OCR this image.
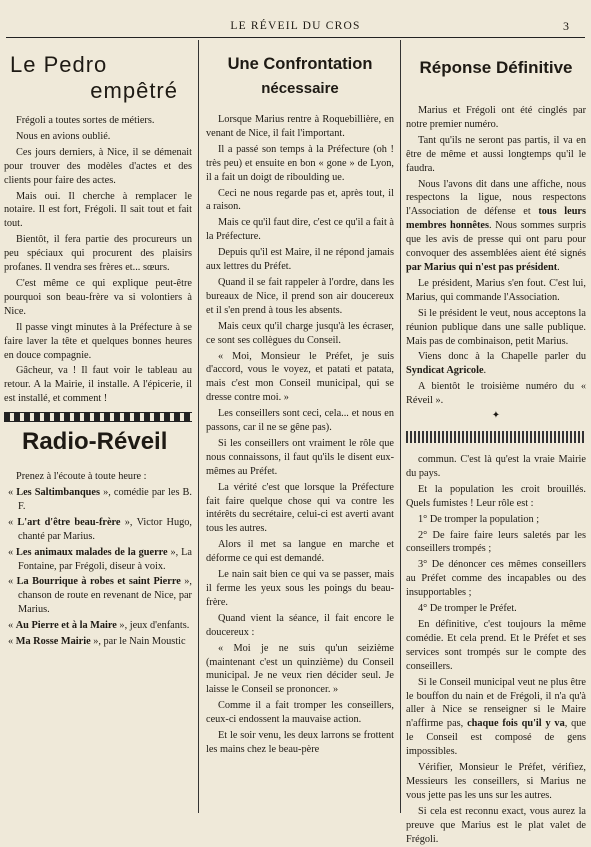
LE RÉVEIL DU CROS	3
Le Pedro
empêtré

Frégoli a toutes sortes de métiers.

Nous en avions oublié.

Ces jours derniers, à Nice, il se démenait pour trouver des modèles d'actes et des clients pour faire des actes.

Mais oui. Il cherche à remplacer le notaire. Il est fort, Frégoli. Il sait tout et fait tout.

Bientôt, il fera partie des procureurs un peu spéciaux qui procurent des plaisirs profanes. Il vendra ses frères et... sœurs.

C'est même ce qui explique peut-être pourquoi son beau-frère va si volontiers à Nice.

Il passe vingt minutes à la Préfecture à se faire laver la tête et quelques bonnes heures en douce compagnie.

Gâcheur, va ! Il faut voir le tableau au retour. A la Mairie, il installe. A l'épicerie, il est installé, et comment !

Radio-Réveil

Prenez à l'écoute à toute heure :

« Les Saltimbanques », comédie par les B. F.

« L'art d'être beau-frère », Victor Hugo, chanté par Marius.

« Les animaux malades de la guerre », La Fontaine, par Frégoli, diseur à voix.

« La Bourrique à robes et saint Pierre », chanson de route en revenant de Nice, par Marius.

« Au Pierre et à la Maire », jeux d'enfants.

« Ma Rosse Mairie », par le Nain Moustic

Une Confrontation
nécessaire

Lorsque Marius rentre à Roquebillière, en venant de Nice, il fait l'important.

Il a passé son temps à la Préfecture (oh ! très peu) et ensuite en bon « gone » de Lyon, il a fait un doigt de riboulding ue.

Ceci ne nous regarde pas et, après tout, il a raison.

Mais ce qu'il faut dire, c'est ce qu'il a fait à la Préfecture.

Depuis qu'il est Maire, il ne répond jamais aux lettres du Préfet.

Quand il se fait rappeler à l'ordre, dans les bureaux de Nice, il prend son air doucereux et il s'en prend à tous les absents.

Mais ceux qu'il charge jusqu'à les écraser, ce sont ses collègues du Conseil.

« Moi, Monsieur le Préfet, je suis d'accord, vous le voyez, et patati et patata, mais c'est mon Conseil municipal, qui se dresse contre moi. »

Les conseillers sont ceci, cela... et nous en passons, car il ne se gêne pas).

Si les conseillers ont vraiment le rôle que nous connaissons, il faut qu'ils le disent eux-mêmes au Préfet.

La vérité c'est que lorsque la Préfecture fait faire quelque chose qui va contre les intérêts du secrétaire, celui-ci est averti avant tous les autres.

Alors il met sa langue en marche et déforme ce qui est demandé.

Le nain sait bien ce qui va se passer, mais il ferme les yeux sous les poings du beau-frère.

Quand vient la séance, il fait encore le doucereux :

« Moi je ne suis qu'un seizième (maintenant c'est un quinzième) du Conseil municipal. Je ne veux rien décider seul. Je laisse le Conseil se prononcer. »

Comme il a fait tromper les conseillers, ceux-ci endossent la mauvaise action.

Et le soir venu, les deux larrons se frottent les mains chez le beau-père

Réponse Définitive

Marius et Frégoli ont été cinglés par notre premier numéro.

Tant qu'ils ne seront pas partis, il va en être de même et aussi longtemps qu'il le faudra.

Nous l'avons dit dans une affiche, nous respectons la ligue, nous respectons l'Association de défense et tous leurs membres honnêtes. Nous sommes surpris que les avis de presse qui ont paru pour convoquer des assemblées aient été signés par Marius qui n'est pas président.

Le président, Marius s'en fout. C'est lui, Marius, qui commande l'Association.

Si le président le veut, nous acceptons la réunion publique dans une salle publique. Mais pas de combinaison, petit Marius.

Viens donc à la Chapelle parler du Syndicat Agricole.

A bientôt le troisième numéro du « Réveil ».

✦

commun. C'est là qu'est la vraie Mairie du pays.

Et la population les croit brouillés. Quels fumistes ! Leur rôle est :

1° De tromper la population ;

2° De faire faire leurs saletés par les conseillers trompés ;

3° De dénoncer ces mêmes conseillers au Préfet comme des incapables ou des insupportables ;

4° De tromper le Préfet.

En définitive, c'est toujours la même comédie. Et cela prend. Et le Préfet et ses services sont trompés sur le compte des conseillers.

Si le Conseil municipal veut ne plus être le bouffon du nain et de Frégoli, il n'a qu'à aller à Nice se renseigner si le Maire n'affirme pas, chaque fois qu'il y va, que le Conseil est composé de gens impossibles.

Vérifier, Monsieur le Préfet, vérifiez, Messieurs les conseillers, si Marius ne vous jette pas les uns sur les autres.

Si cela est reconnu exact, vous aurez la preuve que Marius est le plat valet de Frégoli.
